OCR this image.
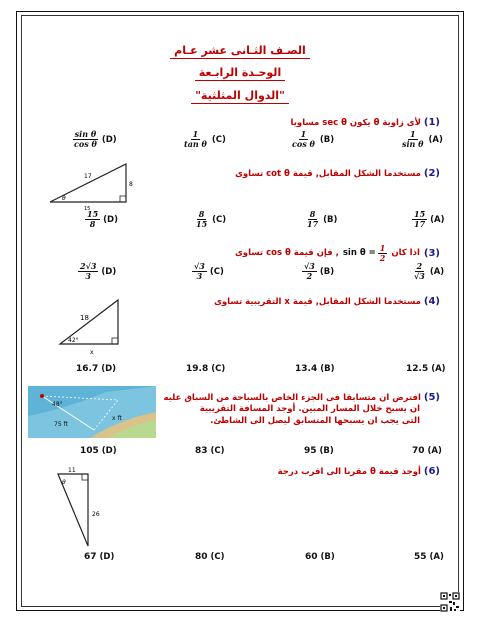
الصـف الثـانى عشر عـام
الوحـدة الرابـعة
"الدوال المثلثية"
(1) لأى زاوية θ يكون sec θ مساويا
$\frac{1}{\text{sin θ}} (A)$
$\frac{1}{\text{cos θ}} (B)$
$\frac{1}{\text{tan θ}} (C)$
$\frac{\text{sin θ}}{\text{cos θ}} (D)$
17
8
15
θ
(2) مستخدما الشكل المقابل, قيمة cot θ تساوى
$\frac{15}{17} (A)$
$\frac{8}{17} (B)$
$\frac{8}{15} (C)$
$\frac{15}{8} (D)$
(3)
اذا كان
$\sin \theta = \frac{1}{2}$
, فإن قيمة cos θ تساوى
$\frac{2}{√3} (A)$
$\frac{√3}{2} (B)$
$\frac{√3}{3} (C)$
$\frac{2√3}{3} (D)$
18
42°
x
(4) مستخدما الشكل المقابل, قيمة x التقريبية تساوى
12.5 (A)
13.4 (B)
19.8 (C)
16.7 (D)
48°
75 ft
x ft
(5) افترض ان متسابقا فى الجزء الخاص بالسباحة من السباق عليه
ان يسبح خلال المسار المبين. أوجد المسافة التقريبية
التى يجب ان يسبحها المتسابق ليصل الى الشاطئ.
70 (A)
95 (B)
83 (C)
105 (D)
11
26
θ
(6) أوجد قيمة θ مقربا الى اقرب درجة
55 (A)
60 (B)
80 (C)
67 (D)
